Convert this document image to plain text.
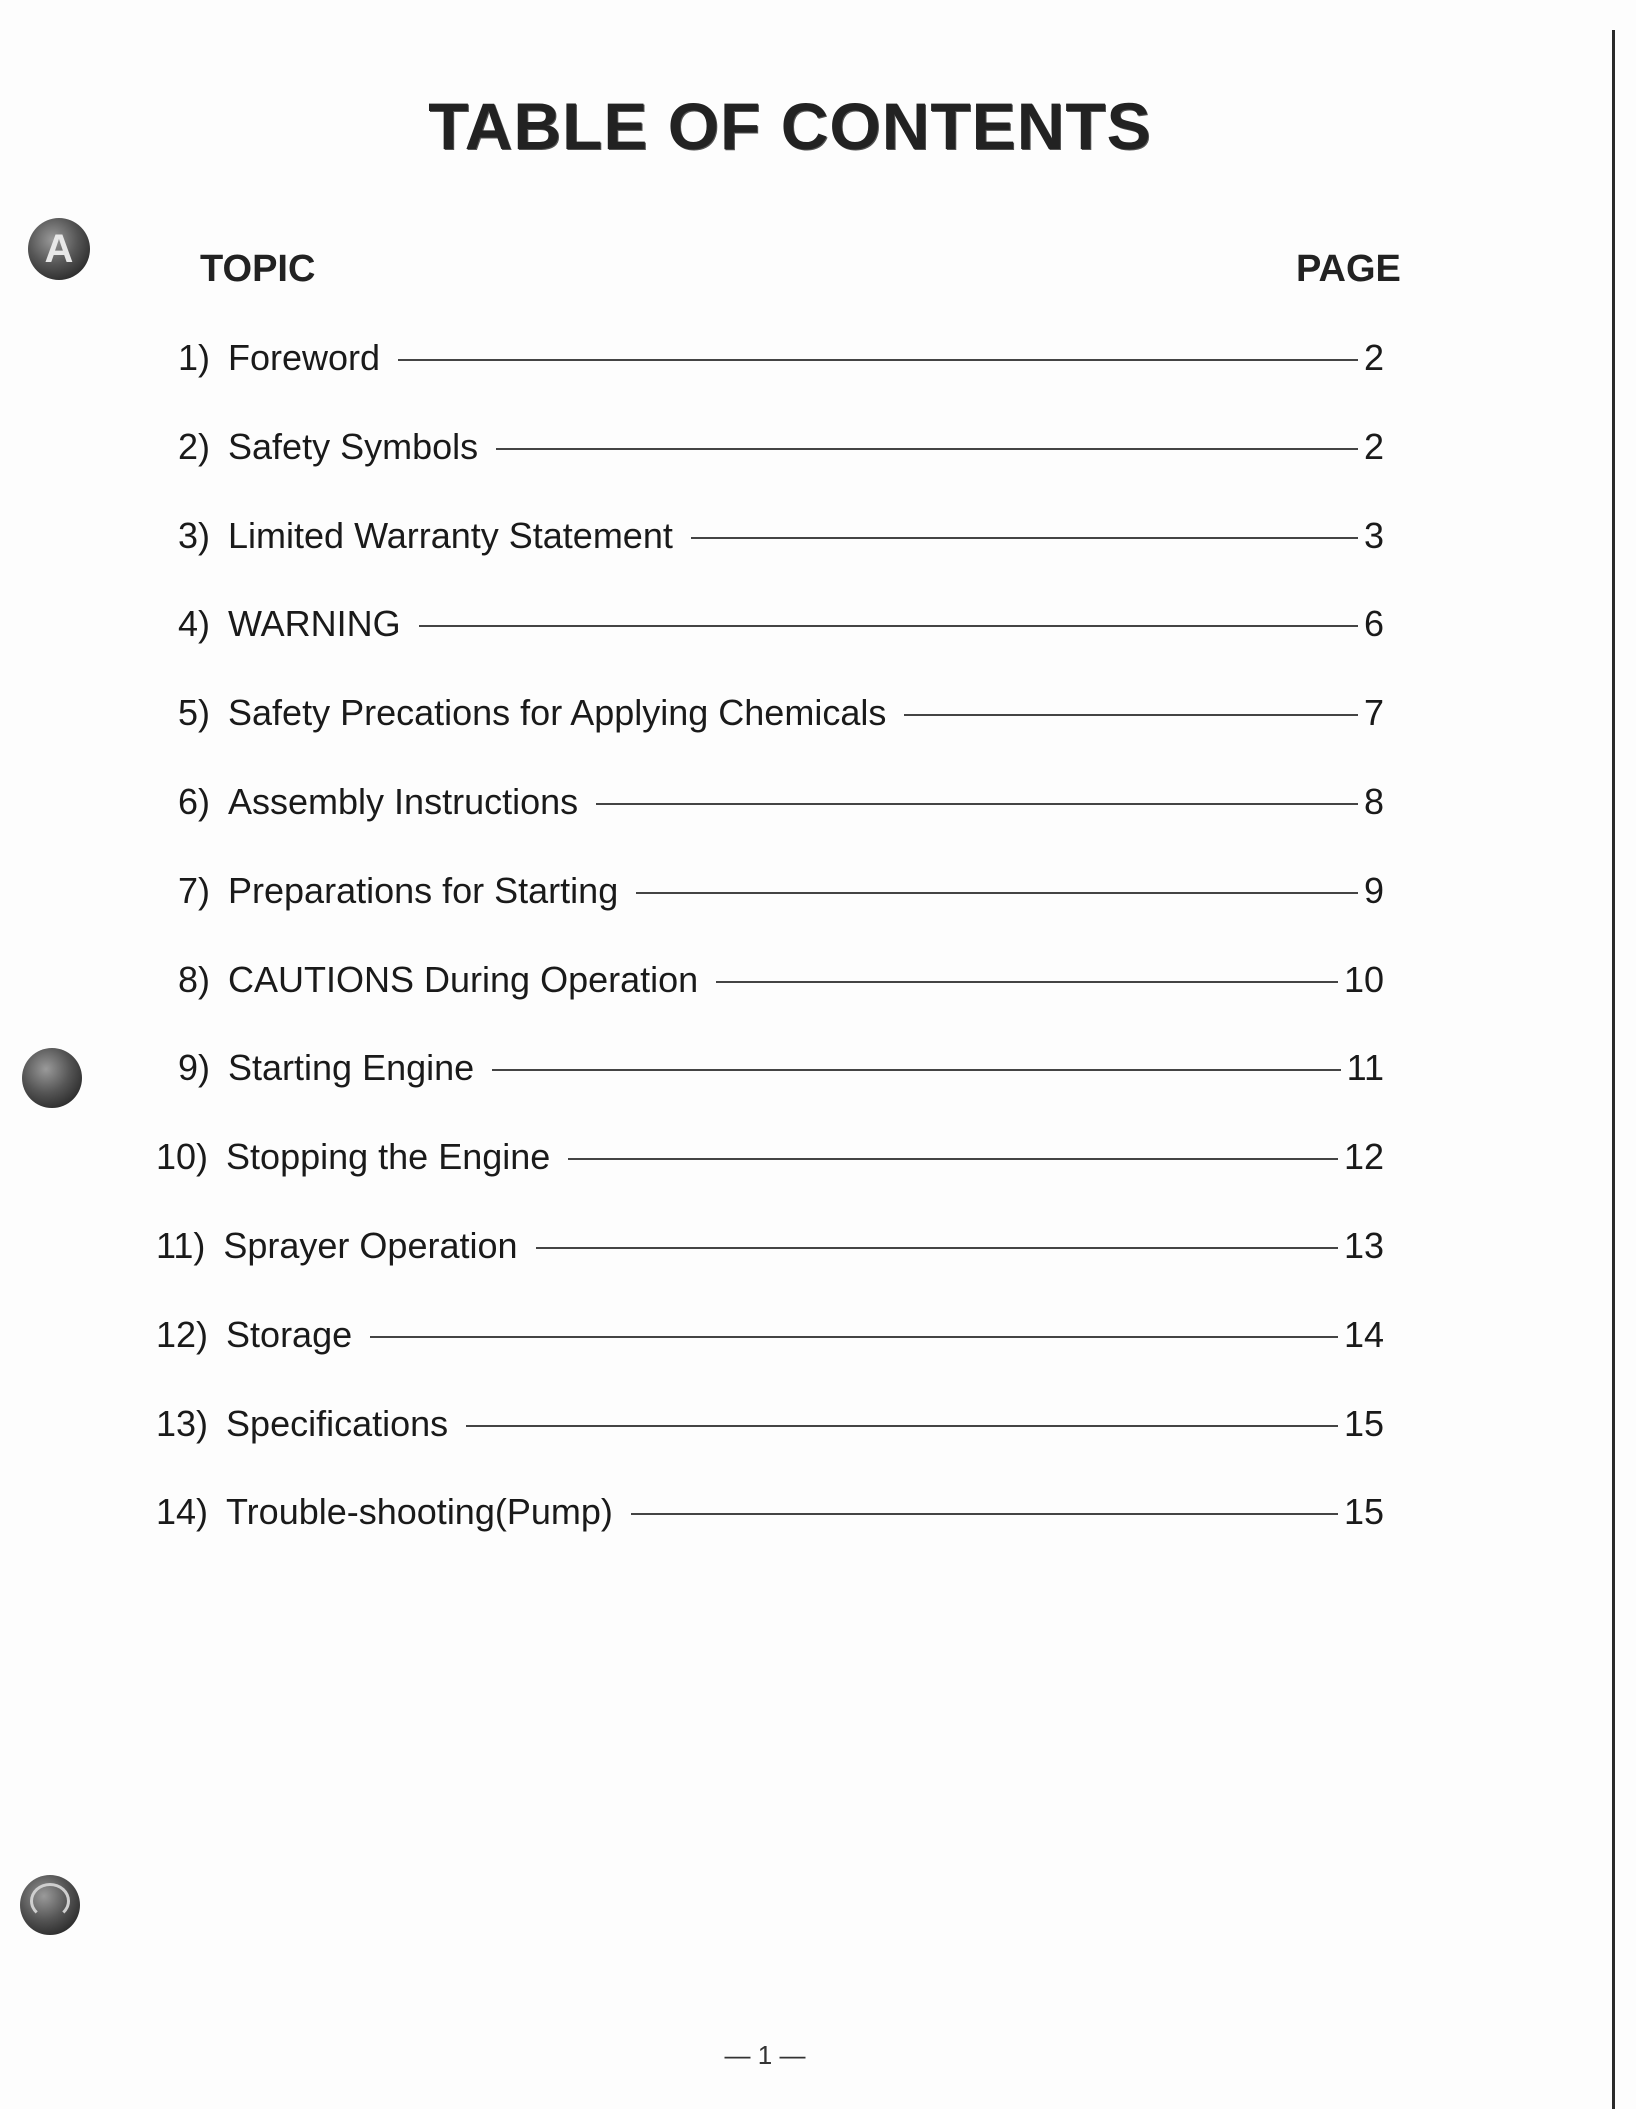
A
TABLE OF CONTENTS
TOPIC	PAGE
1) Foreword	2
2) Safety Symbols	2
3) Limited Warranty Statement	3
4) WARNING	6
5) Safety Precations for Applying Chemicals	7
6) Assembly Instructions	8
7) Preparations for Starting	9
8) CAUTIONS During Operation	10
9) Starting Engine	11
10) Stopping the Engine	12
11) Sprayer Operation	13
12) Storage	14
13) Specifications	15
14) Trouble-shooting(Pump)	15
— 1 —
